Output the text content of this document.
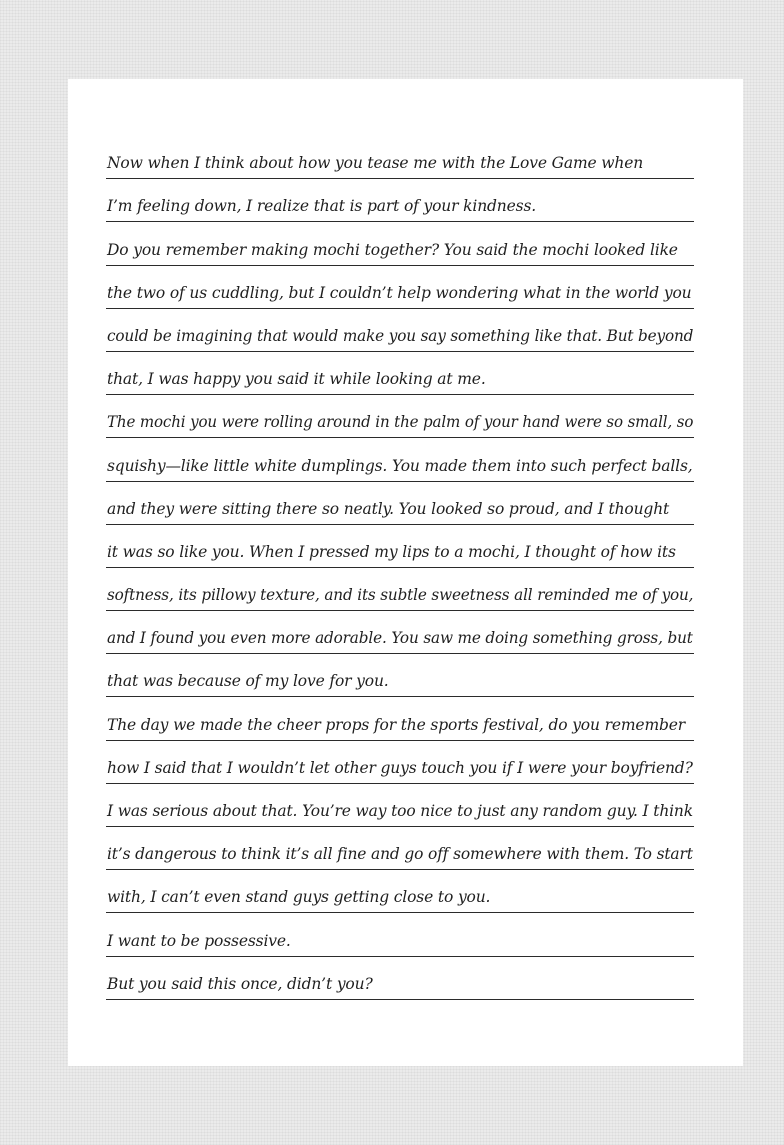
Now when I think about how you tease me with the Love Game when
I’m feeling down, I realize that is part of your kindness.
Do you remember making mochi together? You said the mochi looked like
the two of us cuddling, but I couldn’t help wondering what in the world you
could be imagining that would make you say something like that. But beyond
that, I was happy you said it while looking at me.
The mochi you were rolling around in the palm of your hand were so small, so
squishy—like little white dumplings. You made them into such perfect balls,
and they were sitting there so neatly. You looked so proud, and I thought
it was so like you. When I pressed my lips to a mochi, I thought of how its
softness, its pillowy texture, and its subtle sweetness all reminded me of you,
and I found you even more adorable. You saw me doing something gross, but
that was because of my love for you.
The day we made the cheer props for the sports festival, do you remember
how I said that I wouldn’t let other guys touch you if I were your boyfriend?
I was serious about that. You’re way too nice to just any random guy. I think
it’s dangerous to think it’s all fine and go off somewhere with them. To start
with, I can’t even stand guys getting close to you.
I want to be possessive.
But you said this once, didn’t you?
